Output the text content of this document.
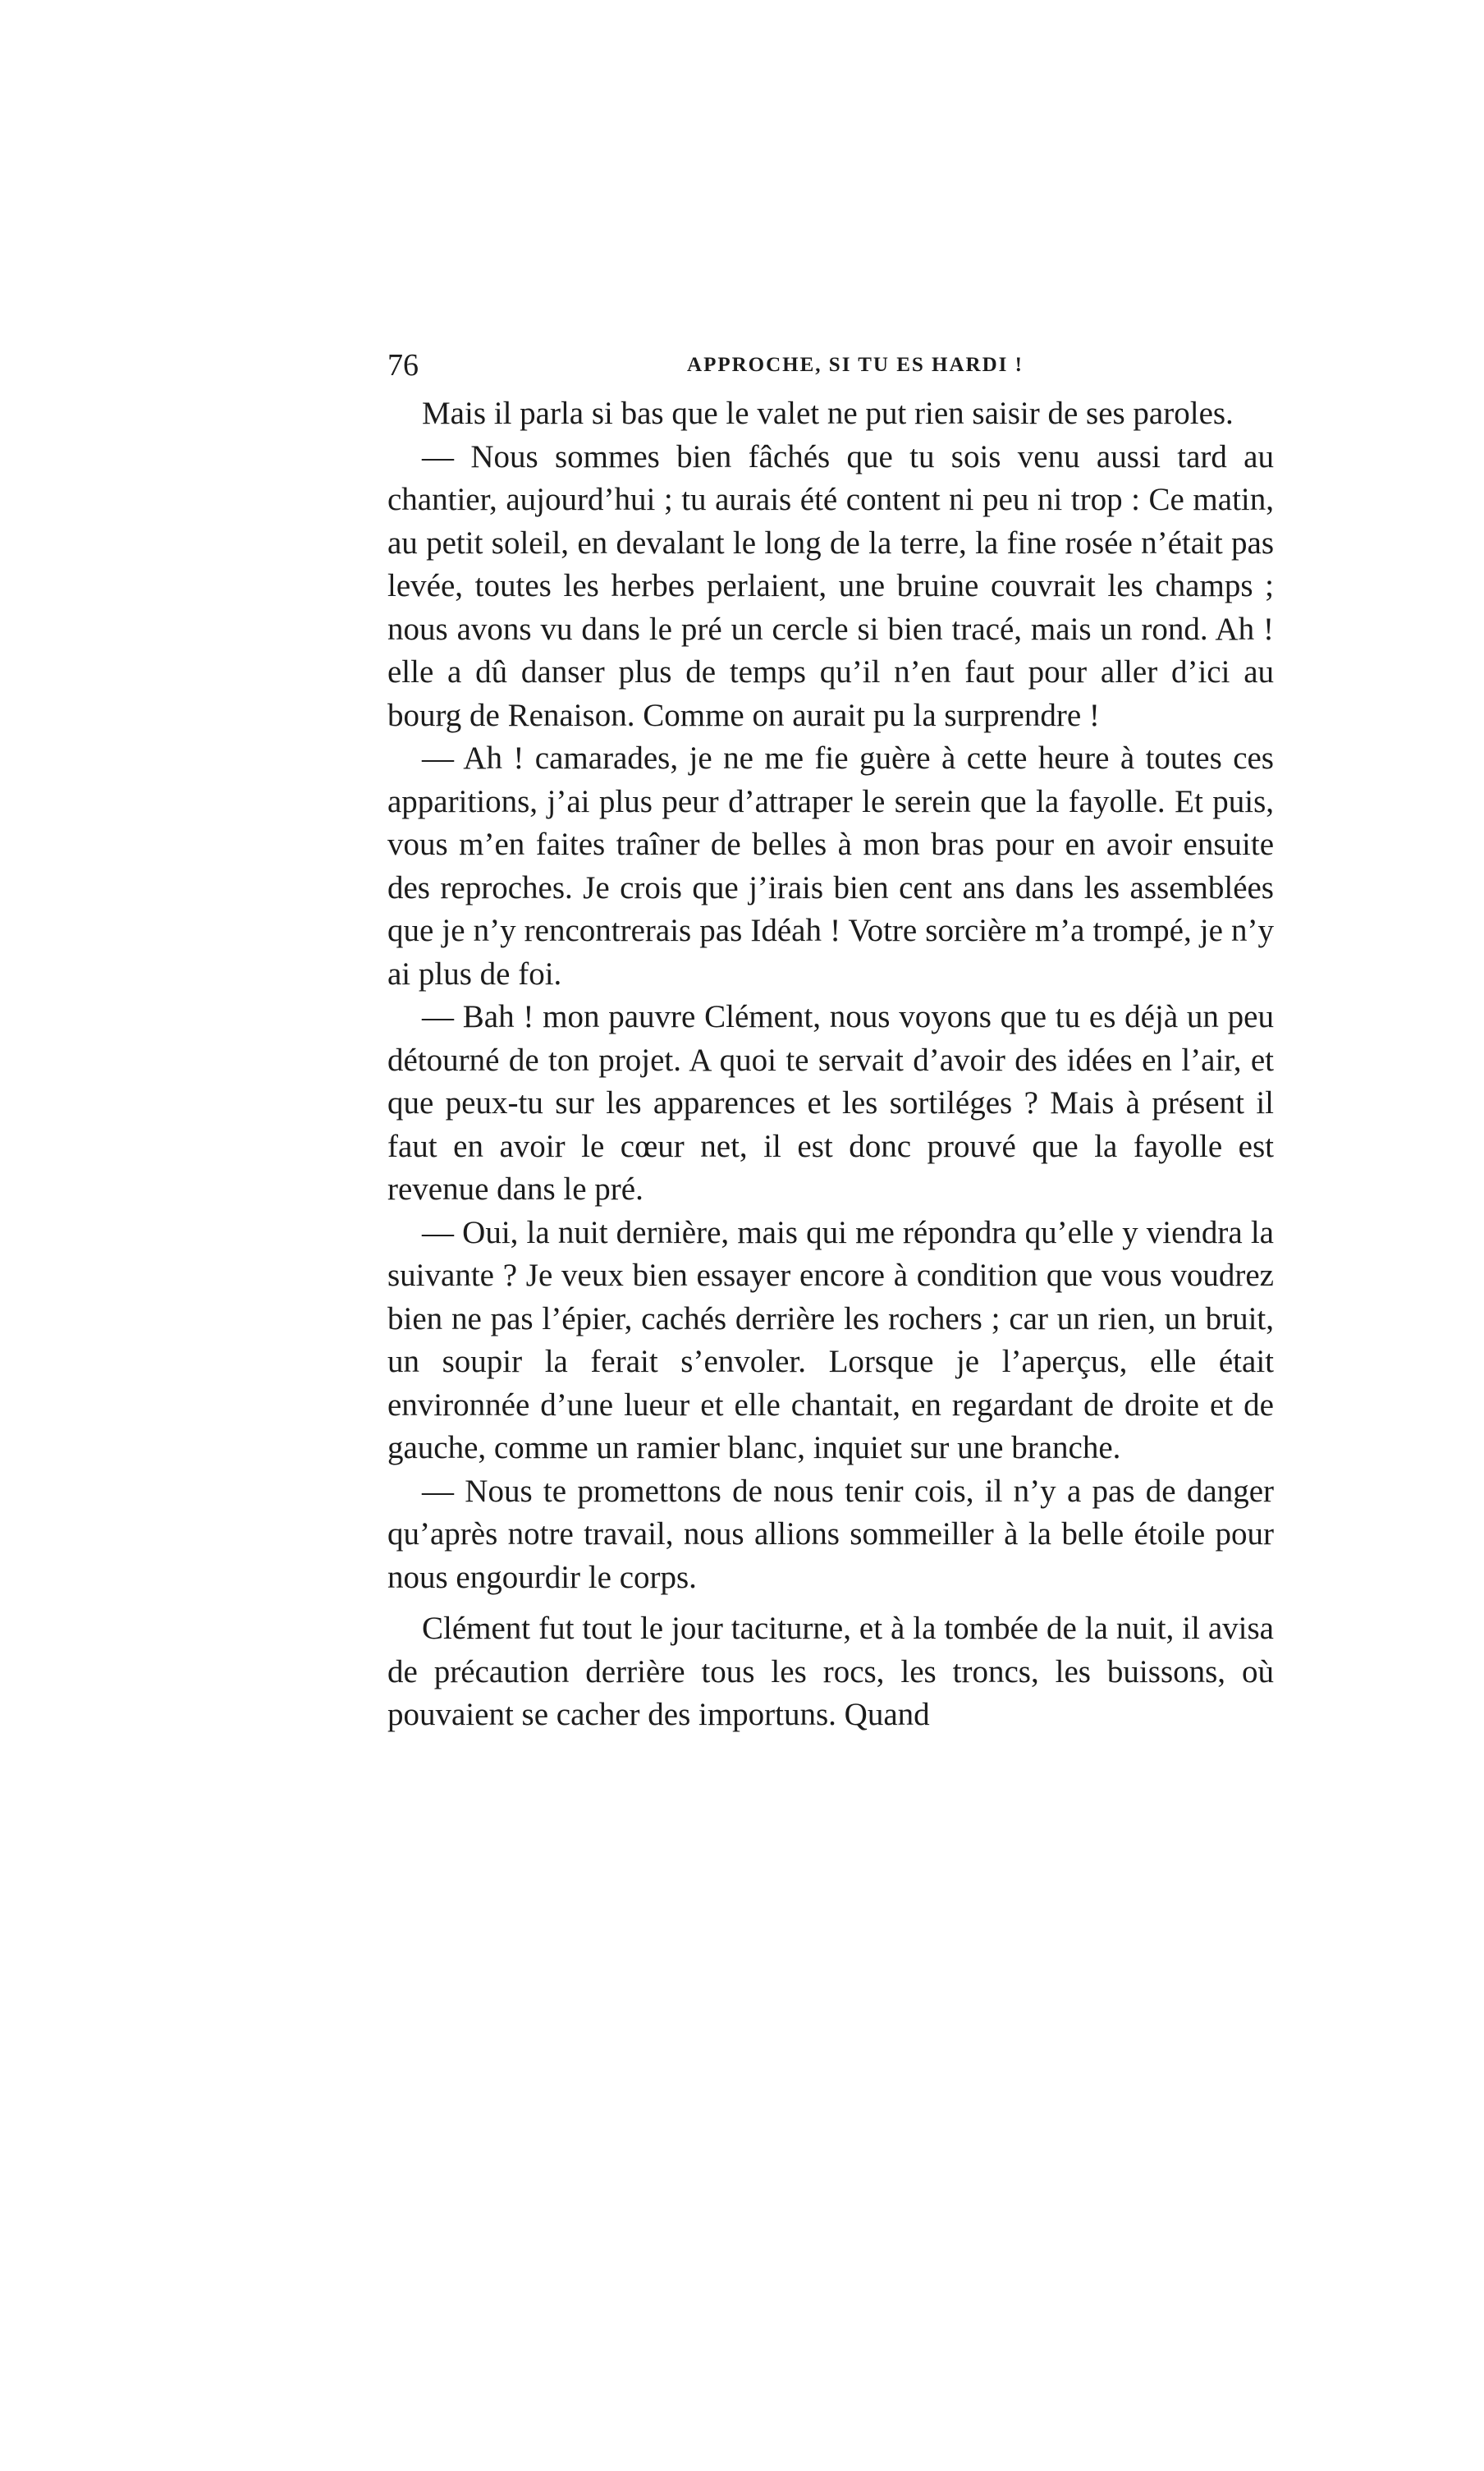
76	APPROCHE, SI TU ES HARDI !

Mais il parla si bas que le valet ne put rien saisir de ses paroles.

— Nous sommes bien fâchés que tu sois venu aussi tard au chantier, aujourd’hui ; tu aurais été content ni peu ni trop : Ce matin, au petit soleil, en devalant le long de la terre, la fine rosée n’était pas levée, toutes les herbes perlaient, une bruine couvrait les champs ; nous avons vu dans le pré un cercle si bien tracé, mais un rond. Ah ! elle a dû danser plus de temps qu’il n’en faut pour aller d’ici au bourg de Renaison. Comme on aurait pu la surprendre !

— Ah ! camarades, je ne me fie guère à cette heure à toutes ces apparitions, j’ai plus peur d’attraper le serein que la fayolle. Et puis, vous m’en faites traîner de belles à mon bras pour en avoir ensuite des reproches. Je crois que j’irais bien cent ans dans les assemblées que je n’y rencontrerais pas Idéah ! Votre sorcière m’a trompé, je n’y ai plus de foi.

— Bah ! mon pauvre Clément, nous voyons que tu es déjà un peu détourné de ton projet. A quoi te servait d’avoir des idées en l’air, et que peux-tu sur les apparences et les sortiléges ? Mais à présent il faut en avoir le cœur net, il est donc prouvé que la fayolle est revenue dans le pré.

— Oui, la nuit dernière, mais qui me répondra qu’elle y viendra la suivante ? Je veux bien essayer encore à condition que vous voudrez bien ne pas l’épier, cachés derrière les rochers ; car un rien, un bruit, un soupir la ferait s’envoler. Lorsque je l’aperçus, elle était environnée d’une lueur et elle chantait, en regardant de droite et de gauche, comme un ramier blanc, inquiet sur une branche.

— Nous te promettons de nous tenir cois, il n’y a pas de danger qu’après notre travail, nous allions sommeiller à la belle étoile pour nous engourdir le corps.

Clément fut tout le jour taciturne, et à la tombée de la nuit, il avisa de précaution derrière tous les rocs, les troncs, les buissons, où pouvaient se cacher des importuns. Quand
